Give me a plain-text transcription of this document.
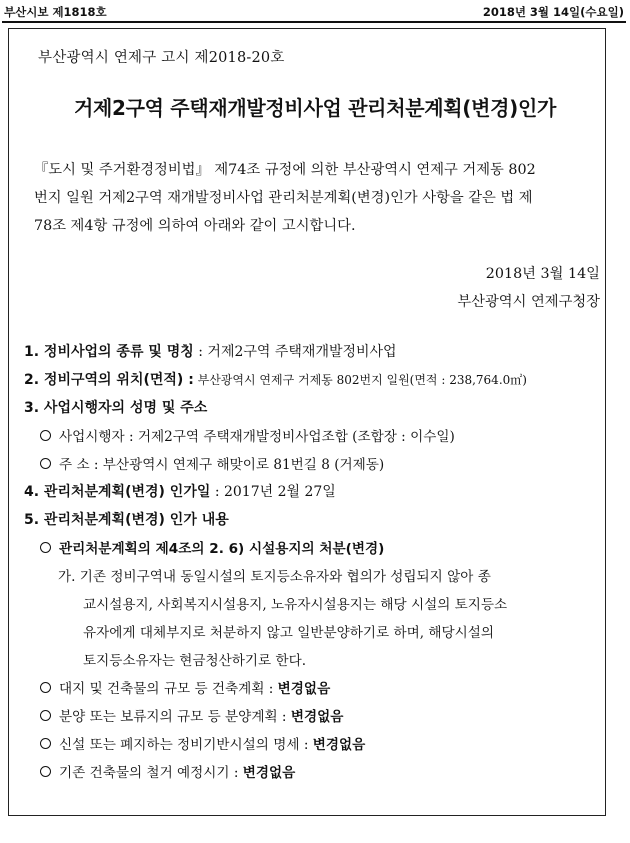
부산시보 제1818호	2018년 3월 14일(수요일)
부산광역시 연제구 고시 제2018-20호
거제2구역 주택재개발정비사업 관리처분계획(변경)인가
『도시 및 주거환경정비법』 제74조 규정에 의한 부산광역시 연제구 거제동 802
번지 일원 거제2구역 재개발정비사업 관리처분계획(변경)인가 사항을 같은 법 제
78조 제4항 규정에 의하여 아래와 같이 고시합니다.
2018년 3월 14일
부산광역시 연제구청장
1. 정비사업의 종류 및 명칭 : 거제2구역 주택재개발정비사업
2. 정비구역의 위치(면적) : 부산광역시 연제구 거제동 802번지 일원(면적 : 238,764.0㎡)
3. 사업시행자의 성명 및 주소
사업시행자 : 거제2구역 주택재개발정비사업조합 (조합장 : 이수일)
주 소 : 부산광역시 연제구 해맞이로 81번길 8 (거제동)
4. 관리처분계획(변경) 인가일 : 2017년 2월 27일
5. 관리처분계획(변경) 인가 내용
관리처분계획의 제4조의 2. 6) 시설용지의 처분(변경)
가. 기존 정비구역내 동일시설의 토지등소유자와 협의가 성립되지 않아 종
교시설용지, 사회복지시설용지, 노유자시설용지는 해당 시설의 토지등소
유자에게 대체부지로 처분하지 않고 일반분양하기로 하며, 해당시설의
토지등소유자는 현금청산하기로 한다.
대지 및 건축물의 규모 등 건축계획 : 변경없음
분양 또는 보류지의 규모 등 분양계획 : 변경없음
신설 또는 폐지하는 정비기반시설의 명세 : 변경없음
기존 건축물의 철거 예정시기 : 변경없음
